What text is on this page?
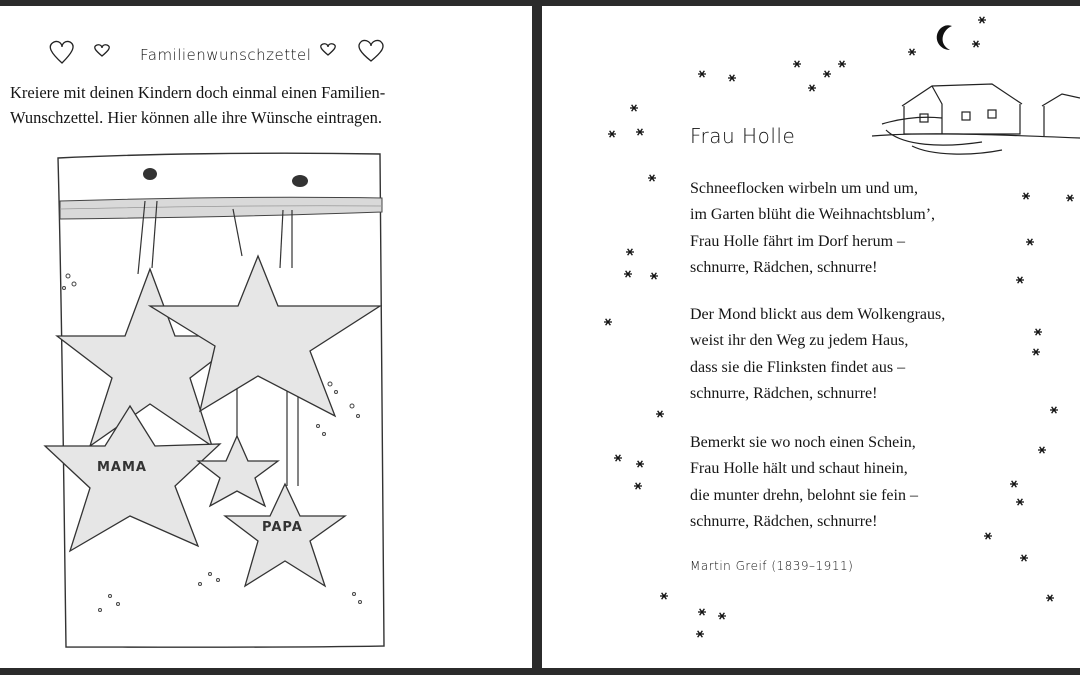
MAMA
PAPA
Familienwunschzettel
Kreiere mit deinen Kindern doch einmal einen Familien-
Wunschzettel. Hier können alle ihre Wünsche eintragen.
Frau Holle
Schneeflocken wirbeln um und um,
im Garten blüht die Weihnachtsblum’,
Frau Holle fährt im Dorf herum –
schnurre, Rädchen, schnurre!
Der Mond blickt aus dem Wolkengraus,
weist ihr den Weg zu jedem Haus,
dass sie die Flinksten findet aus –
schnurre, Rädchen, schnurre!
Bemerkt sie wo noch einen Schein,
Frau Holle hält und schaut hinein,
die munter drehn, belohnt sie fein –
schnurre, Rädchen, schnurre!
Martin Greif (1839–1911)
